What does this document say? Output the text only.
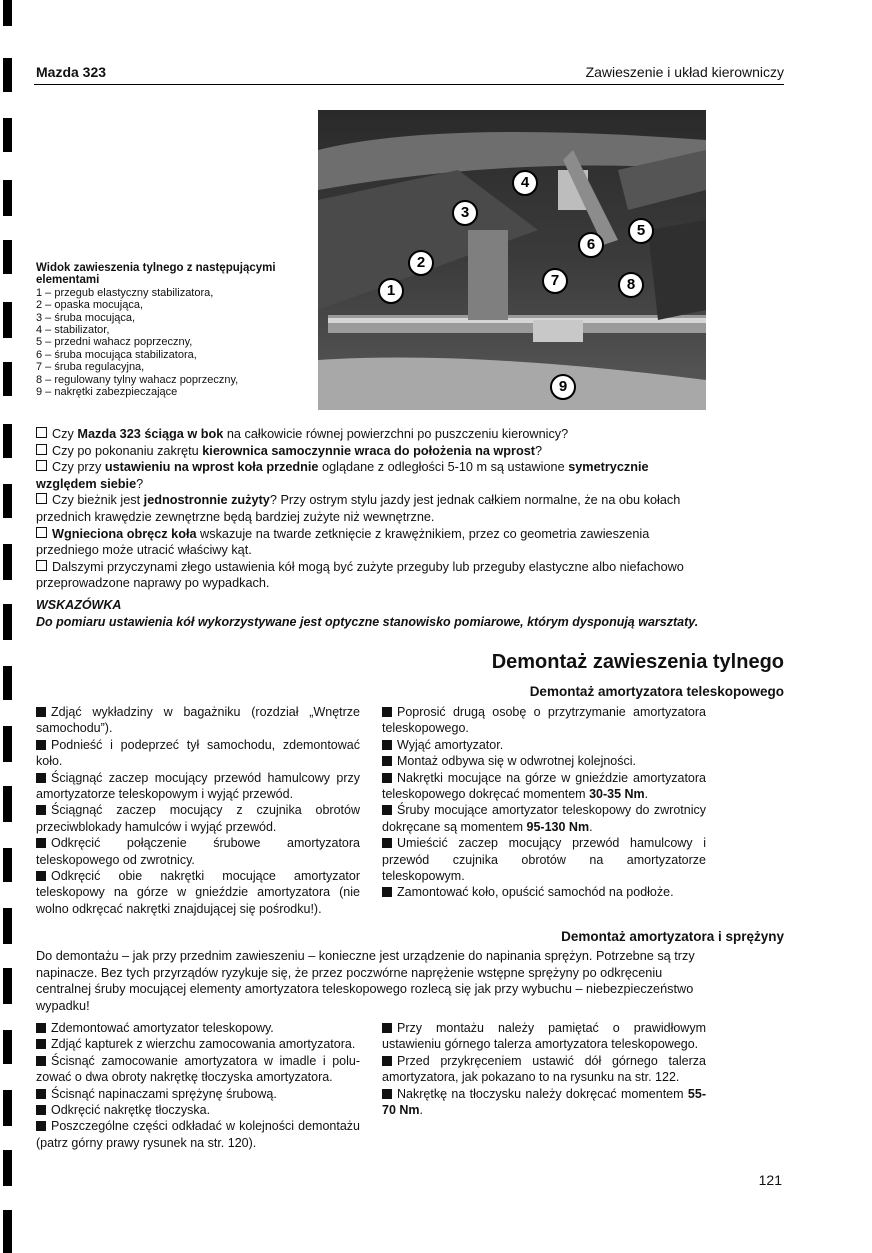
Mazda 323	Zawieszenie i układ kierowniczy
1
2
3
4
5
6
7	8
9
Widok zawieszenia tylnego z następującymi elementami
1 – przegub elastyczny stabilizatora,
2 – opaska mocująca,
3 – śruba mocująca,
4 – stabilizator,
5 – przedni wahacz poprzeczny,
6 – śruba mocująca stabilizatora,
7 – śruba regulacyjna,
8 – regulowany tylny wahacz poprzeczny,
9 – nakrętki zabezpieczające

Czy Mazda 323 ściąga w bok na całkowicie równej powierzchni po puszczeniu kierownicy?

Czy po pokonaniu zakrętu kierownica samoczynnie wraca do położenia na wprost?

Czy przy ustawieniu na wprost koła przednie oglądane z odległości 5-10 m są ustawione symetrycznie względem siebie?

Czy bieżnik jest jednostronnie zużyty? Przy ostrym stylu jazdy jest jednak całkiem normalne, że na obu kołach przednich krawędzie zewnętrzne będą bardziej zużyte niż wewnętrzne.

Wgnieciona obręcz koła wskazuje na twarde zetknięcie z krawężnikiem, przez co geometria zawieszenia przedniego może utracić właściwy kąt.

Dalszymi przyczynami złego ustawienia kół mogą być zużyte przeguby lub przeguby elastyczne albo niefachowo przeprowadzone naprawy po wypadkach.

WSKAZÓWKA
Do pomiaru ustawienia kół wykorzystywane jest optyczne stanowisko pomiarowe, którym dysponują warsztaty.
Demontaż zawieszenia tylnego
Demontaż amortyzatora teleskopowego

Zdjąć wykładziny w bagażniku (rozdział „Wnętrze samochodu”).

Podnieść i podeprzeć tył samochodu, zdemontować koło.

Ściągnąć zaczep mocujący przewód hamulcowy przy amortyzatorze teleskopowym i wyjąć przewód.

Ściągnąć zaczep mocujący z czujnika obrotów przeciwblokady hamulców i wyjąć przewód.

Odkręcić połączenie śrubowe amortyzatora teleskopowego od zwrotnicy.

Odkręcić obie nakrętki mocujące amortyzator teleskopowy na górze w gnieździe amortyzatora (nie wolno odkręcać nakrętki znajdującej się pośrodku!).

Poprosić drugą osobę o przytrzymanie amortyzatora teleskopowego.

Wyjąć amortyzator.

Montaż odbywa się w odwrotnej kolejności.

Nakrętki mocujące na górze w gnieździe amortyzatora teleskopowego dokręcać momentem 30-35 Nm.

Śruby mocujące amortyzator teleskopowy do zwrotnicy dokręcane są momentem 95-130 Nm.

Umieścić zaczep mocujący przewód hamulcowy i przewód czujnika obrotów na amortyzatorze teleskopowym.

Zamontować koło, opuścić samochód na podłoże.

Demontaż amortyzatora i sprężyny
Do demontażu – jak przy przednim zawieszeniu – konieczne jest urządzenie do napinania sprężyn. Potrzebne są trzy napinacze. Bez tych przyrządów ryzykuje się, że przez poczwórne naprężenie wstępne sprężyny po odkręceniu centralnej śruby mocującej elementy amortyzatora teleskopowego rozlecą się jak przy wybuchu – niebezpieczeństwo wypadku!

Zdemontować amortyzator teleskopowy.

Zdjąć kapturek z wierzchu zamocowania amortyzatora.

Ścisnąć zamocowanie amortyzatora w imadle i polu-zować o dwa obroty nakrętkę tłoczyska amortyzatora.

Ścisnąć napinaczami sprężynę śrubową.

Odkręcić nakrętkę tłoczyska.

Poszczególne części odkładać w kolejności demontażu (patrz górny prawy rysunek na str. 120).

Przy montażu należy pamiętać o prawidłowym ustawieniu górnego talerza amortyzatora teleskopowego.

Przed przykręceniem ustawić dół górnego talerza amortyzatora, jak pokazano to na rysunku na str. 122.

Nakrętkę na tłoczysku należy dokręcać momentem 55-70 Nm.

121
